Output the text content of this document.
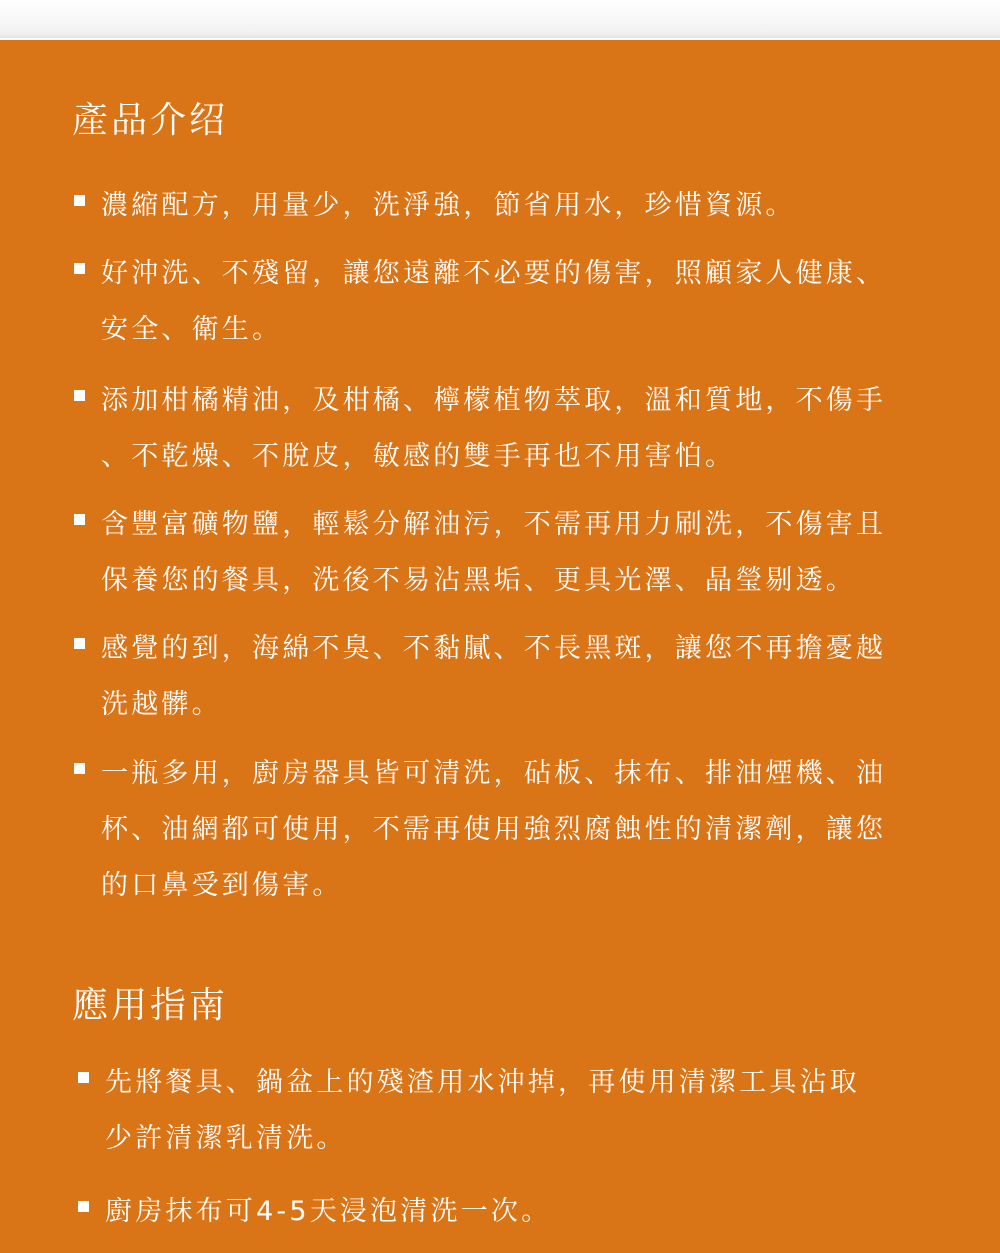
產品介绍
濃縮配方，用量少，洗淨強，節省用水，珍惜資源。
好沖洗、不殘留，讓您遠離不必要的傷害，照顧家人健康、
安全、衛生。
添加柑橘精油，及柑橘、檸檬植物萃取，溫和質地，不傷手
、不乾燥、不脫皮，敏感的雙手再也不用害怕。
含豐富礦物鹽，輕鬆分解油污，不需再用力刷洗，不傷害且
保養您的餐具，洗後不易沾黑垢、更具光澤、晶瑩剔透。
感覺的到，海綿不臭、不黏膩、不長黑斑，讓您不再擔憂越
洗越髒。
一瓶多用，廚房器具皆可清洗，砧板、抹布、排油煙機、油
杯、油網都可使用，不需再使用強烈腐蝕性的清潔劑，讓您
的口鼻受到傷害。
應用指南
先將餐具、鍋盆上的殘渣用水沖掉，再使用清潔工具沾取
少許清潔乳清洗。
廚房抹布可4-5天浸泡清洗一次。
